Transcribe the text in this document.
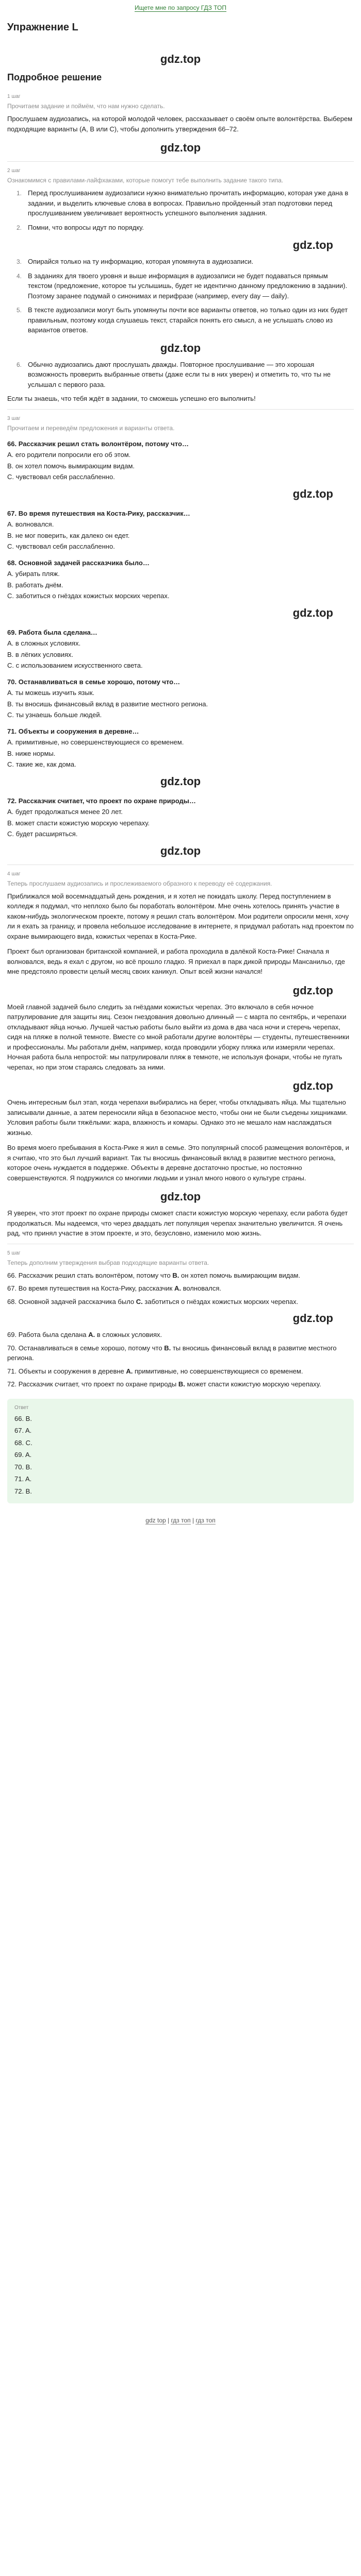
Ищете мне по запросу ГДЗ ТОП
Упражнение L
gdz.top
Подробное решение
1 шаг
Прочитаем задание и поймём, что нам нужно сделать.
Прослушаем аудиозапись, на которой молодой человек, рассказывает о своём опыте волонтёрства. Выберем подходящие варианты (A, B или C), чтобы дополнить утверждения 66–72.
gdz.top
2 шаг
Ознакомимся с правилами-лайфхаками, которые помогут тебе выполнить задание такого типа.
1. Перед прослушиванием аудиозаписи нужно внимательно прочитать информацию, которая уже дана в задании, и выделить ключевые слова в вопросах. Правильно пройденный этап подготовки перед прослушиванием увеличивает вероятность успешного выполнения задания.
2. Помни, что вопросы идут по порядку.
gdz.top
3. Опирайся только на ту информацию, которая упомянута в аудиозаписи.
4. В заданиях для твоего уровня и выше информация в аудиозаписи не будет подаваться прямым текстом (предложение, которое ты услышишь, будет не идентично данному предложению в задании). Поэтому заранее подумай о синонимах и перифразе (например, every day — daily).
5. В тексте аудиозаписи могут быть упомянуты почти все варианты ответов, но только один из них будет правильным, поэтому когда слушаешь текст, старайся понять его смысл, а не услышать слово из вариантов ответов.
gdz.top
6. Обычно аудиозапись дают прослушать дважды. Повторное прослушивание — это хорошая возможность проверить выбранные ответы (даже если ты в них уверен) и отметить то, что ты не услышал с первого раза.
Если ты знаешь, что тебя ждёт в задании, то сможешь успешно его выполнить!
3 шаг
Прочитаем и переведём предложения и варианты ответа.
66. Рассказчик решил стать волонтёром, потому что…
A. его родители попросили его об этом.
B. он хотел помочь вымирающим видам.
C. чувствовал себя расслабленно.
gdz.top
67. Во время путешествия на Коста-Рику, рассказчик…
A. волновался.
B. не мог поверить, как далеко он едет.
C. чувствовал себя расслабленно.
68. Основной задачей рассказчика было…
A. убирать пляж.
B. работать днём.
C. заботиться о гнёздах кожистых морских черепах.
gdz.top
69. Работа была сделана…
A. в сложных условиях.
B. в лёгких условиях.
C. с использованием искусственного света.
70. Останавливаться в семье хорошо, потому что…
A. ты можешь изучить язык.
B. ты вносишь финансовый вклад в развитие местного региона.
C. ты узнаешь больше людей.
71. Объекты и сооружения в деревне…
A. примитивные, но совершенствующиеся со временем.
B. ниже нормы.
C. такие же, как дома.
gdz.top
72. Рассказчик считает, что проект по охране природы…
A. будет продолжаться менее 20 лет.
B. может спасти кожистую морскую черепаху.
C. будет расширяться.
gdz.top
4 шаг
Теперь прослушаем аудиозапись и прослеживаемого образного к переводу её содержания.
Приближался мой восемнадцатый день рождения, и я хотел не покидать школу. Перед поступлением в колледж я подумал, что неплохо было бы поработать волонтёром. Мне очень хотелось принять участие в каком-нибудь экологическом проекте, потому я решил стать волонтёром. Мои родители опросили меня, хочу ли я ехать за границу, и провела небольшое исследование в интернете, я придумал работать над проектом по охране вымирающего вида, кожистых черепах в Коста-Рике.
Проект был организован британской компанией, и работа проходила в далёкой Коста-Рике! Сначала я волновался, ведь я ехал с другом, но всё прошло гладко. Я приехал в парк дикой природы Мансанильо, где мне предстояло провести целый месяц своих каникул. Опыт всей жизни начался!
gdz.top
Моей главной задачей было следить за гнёздами кожистых черепах. Это включало в себя ночное патрулирование для защиты яиц. Сезон гнездования довольно длинный — с марта по сентябрь, и черепахи откладывают яйца ночью. Лучшей частью работы было выйти из дома в два часа ночи и стеречь черепах, сидя на пляже в полной темноте. Вместе со мной работали другие волонтёры — студенты, путешественники и профессионалы. Мы работали днём, например, когда проводили уборку пляжа или измеряли черепах. Ночная работа была непростой: мы патрулировали пляж в темноте, не используя фонари, чтобы не пугать черепах, но при этом стараясь следовать за ними.
gdz.top
Очень интересным был этап, когда черепахи выбирались на берег, чтобы откладывать яйца. Мы тщательно записывали данные, а затем переносили яйца в безопасное место, чтобы они не были съедены хищниками. Условия работы были тяжёлыми: жара, влажность и комары. Однако это не мешало нам наслаждаться жизнью.
Во время моего пребывания в Коста-Рике я жил в семье. Это популярный способ размещения волонтёров, и я считаю, что это был лучший вариант. Так ты вносишь финансовый вклад в развитие местного региона, которое очень нуждается в поддержке. Объекты в деревне достаточно простые, но постоянно совершенствуются. Я подружился со многими людьми и узнал много нового о культуре страны.
gdz.top
Я уверен, что этот проект по охране природы сможет спасти кожистую морскую черепаху, если работа будет продолжаться. Мы надеемся, что через двадцать лет популяция черепах значительно увеличится. Я очень рад, что принял участие в этом проекте, и это, безусловно, изменило мою жизнь.
5 шаг
Теперь дополним утверждения выбрав подходящие варианты ответа.
66. Рассказчик решил стать волонтёром, потому что B. он хотел помочь вымирающим видам.
67. Во время путешествия на Коста-Рику, рассказчик A. волновался.
68. Основной задачей рассказчика было C. заботиться о гнёздах кожистых морских черепах.
gdz.top
69. Работа была сделана A. в сложных условиях.
70. Останавливаться в семье хорошо, потому что B. ты вносишь финансовый вклад в развитие местного региона.
71. Объекты и сооружения в деревне A. примитивные, но совершенствующиеся со временем.
72. Рассказчик считает, что проект по охране природы B. может спасти кожистую морскую черепаху.
Ответ
66. B.
67. A.
68. C.
69. A.
70. B.
71. A.
72. B.
gdz top | гдз топ | гдз топ
